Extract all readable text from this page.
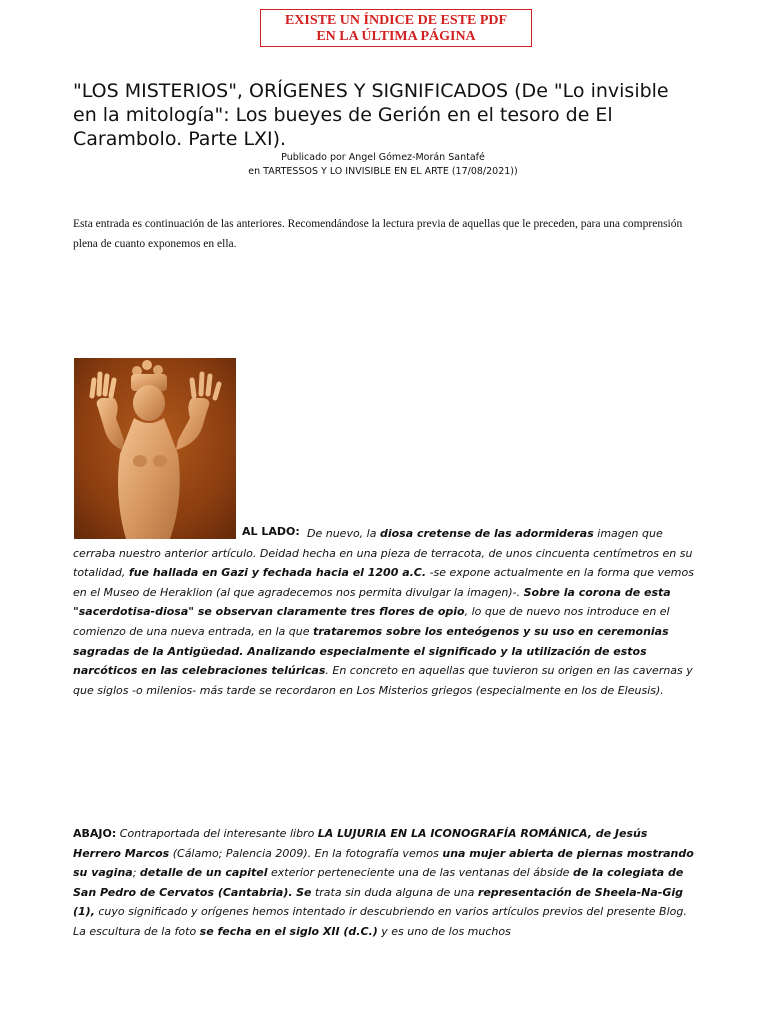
EXISTE UN ÍNDICE DE ESTE PDF
EN LA ÚLTIMA PÁGINA
"LOS MISTERIOS", ORÍGENES Y SIGNIFICADOS (De "Lo invisible en la mitología": Los bueyes de Gerión en el tesoro de El Carambolo. Parte LXI).
Publicado por Angel Gómez-Morán Santafé
en TARTESSOS Y LO INVISIBLE EN EL ARTE (17/08/2021))

Esta entrada es continuación de las anteriores. Recomendándose la lectura previa de aquellas que le preceden, para una comprensión plena de cuanto exponemos en ella.

AL LADO: De nuevo, la diosa cretense de las adormideras imagen que cerraba nuestro anterior artículo. Deidad hecha en una pieza de terracota, de unos cincuenta centímetros en su totalidad, fue hallada en Gazi y fechada hacia el 1200 a.C. -se expone actualmente en la forma que vemos en el Museo de Heraklion (al que agradecemos nos permita divulgar la imagen)-. Sobre la corona de esta "sacerdotisa-diosa" se observan claramente tres flores de opio, lo que de nuevo nos introduce en el comienzo de una nueva entrada, en la que trataremos sobre los enteógenos y su uso en ceremonias sagradas de la Antigüedad. Analizando especialmente el significado y la utilización de estos narcóticos en las celebraciones telúricas. En concreto en aquellas que tuvieron su origen en las cavernas y que siglos -o milenios- más tarde se recordaron en Los Misterios griegos (especialmente en los de Eleusis).

ABAJO: Contraportada del interesante libro LA LUJURIA EN LA ICONOGRAFÍA ROMÁNICA, de Jesús Herrero Marcos (Cálamo; Palencia 2009). En la fotografía vemos una mujer abierta de piernas mostrando su vagina; detalle de un capitel exterior perteneciente una de las ventanas del ábside de la colegiata de San Pedro de Cervatos (Cantabria). Se trata sin duda alguna de una representación de Sheela-Na-Gig (1), cuyo significado y orígenes hemos intentado ir descubriendo en varios artículos previos del presente Blog. La escultura de la foto se fecha en el siglo XII (d.C.) y es uno de los muchos
